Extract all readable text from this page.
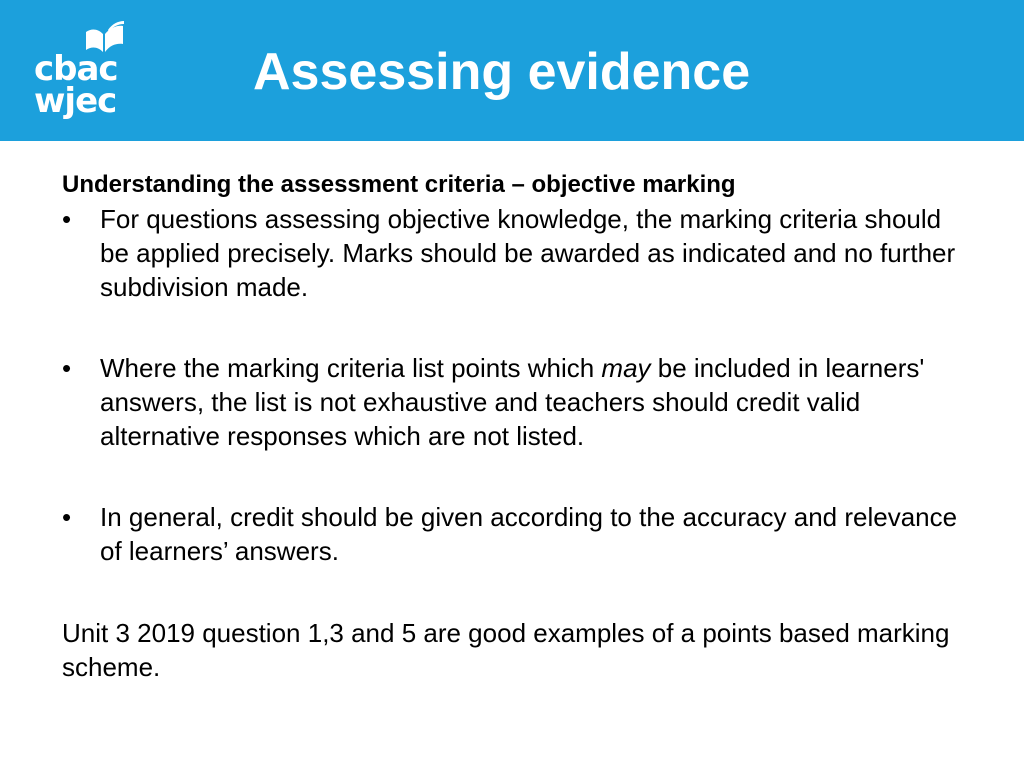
cbac
wjec	Assessing evidence

Understanding the assessment criteria – objective marking

• For questions assessing objective knowledge, the marking criteria should be applied precisely. Marks should be awarded as indicated and no further subdivision made.
• Where the marking criteria list points which may be included in learners' answers, the list is not exhaustive and teachers should credit valid alternative responses which are not listed.
• In general, credit should be given according to the accuracy and relevance of learners’ answers.

Unit 3 2019 question 1,3 and 5 are good examples of a points based marking scheme.
